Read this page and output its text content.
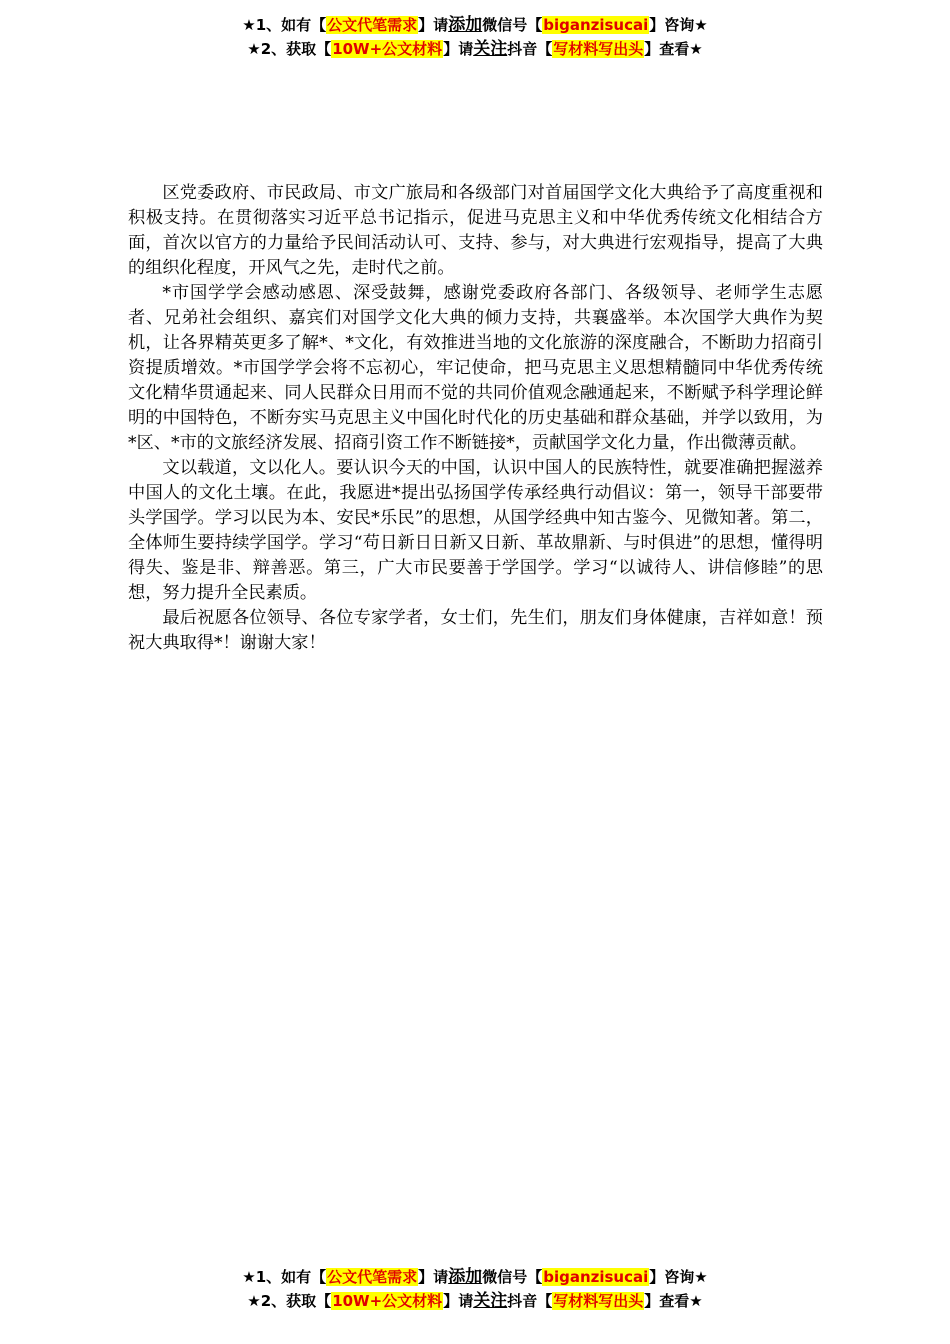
★1、如有【公文代笔需求】请添加微信号【biganzisucai】咨询★
★2、获取【10W+公文材料】请关注抖音【写材料写出头】查看★

区党委政府、市民政局、市文广旅局和各级部门对首届国学文化大典给予了高度重视和积极支持。在贯彻落实习近平总书记指示，促进马克思主义和中华优秀传统文化相结合方面，首次以官方的力量给予民间活动认可、支持、参与，对大典进行宏观指导，提高了大典的组织化程度，开风气之先，走时代之前。

*市国学学会感动感恩、深受鼓舞，感谢党委政府各部门、各级领导、老师学生志愿者、兄弟社会组织、嘉宾们对国学文化大典的倾力支持，共襄盛举。本次国学大典作为契机，让各界精英更多了解*、*文化，有效推进当地的文化旅游的深度融合，不断助力招商引资提质增效。*市国学学会将不忘初心，牢记使命，把马克思主义思想精髓同中华优秀传统文化精华贯通起来、同人民群众日用而不觉的共同价值观念融通起来，不断赋予科学理论鲜明的中国特色，不断夯实马克思主义中国化时代化的历史基础和群众基础，并学以致用，为*区、*市的文旅经济发展、招商引资工作不断链接*，贡献国学文化力量，作出微薄贡献。

文以载道，文以化人。要认识今天的中国，认识中国人的民族特性，就要准确把握滋养中国人的文化土壤。在此，我愿进*提出弘扬国学传承经典行动倡议：第一，领导干部要带头学国学。学习以民为本、安民*乐民”的思想，从国学经典中知古鉴今、见微知著。第二，全体师生要持续学国学。学习“苟日新日日新又日新、革故鼎新、与时俱进”的思想，懂得明得失、鉴是非、辩善恶。第三，广大市民要善于学国学。学习“以诚待人、讲信修睦”的思想，努力提升全民素质。

最后祝愿各位领导、各位专家学者，女士们，先生们，朋友们身体健康，吉祥如意！预祝大典取得*！谢谢大家！

★1、如有【公文代笔需求】请添加微信号【biganzisucai】咨询★
★2、获取【10W+公文材料】请关注抖音【写材料写出头】查看★
